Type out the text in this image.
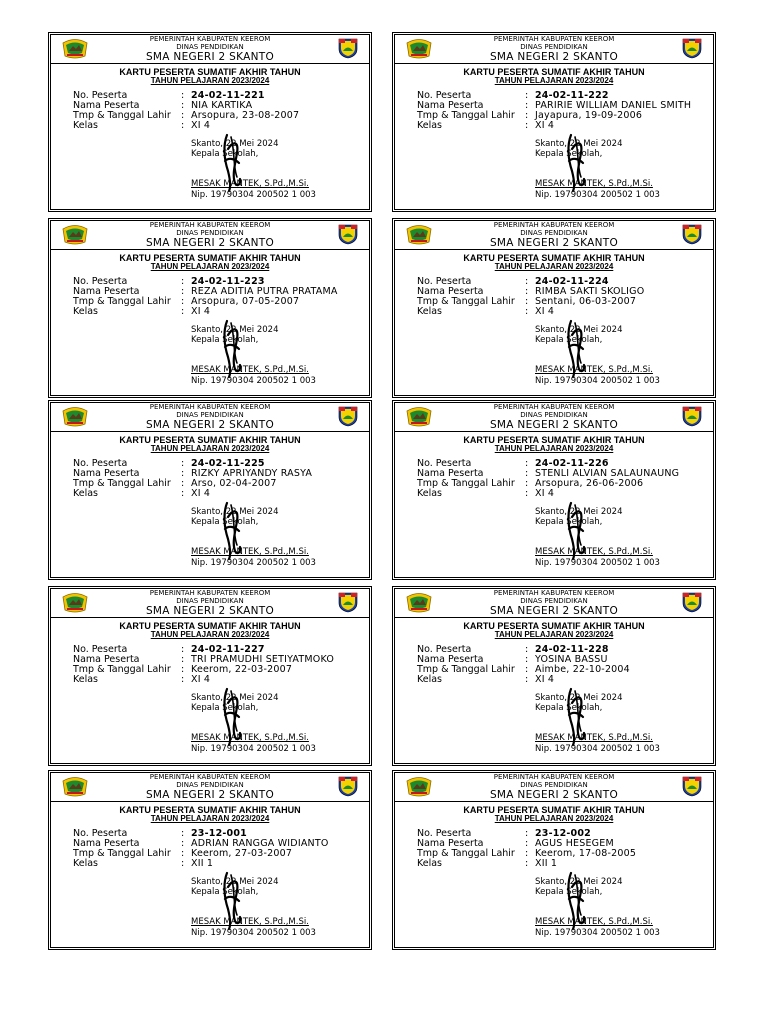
PEMERINTAH KABUPATEN KEEROM
DINAS PENDIDIKAN
SMA NEGERI 2 SKANTO
KARTU PESERTA SUMATIF AKHIR TAHUN
TAHUN PELAJARAN 2023/2024
No. Peserta	: 24-02-11-221
Nama Peserta	: NIA KARTIKA
Tmp & Tanggal Lahir	: Arsopura, 23-08-2007
Kelas	: XI 4
Skanto, 22 Mei 2024
Kepala Sekolah,
MESAK MANTEK, S.Pd.,M.Si.
Nip. 19790304 200502 1 003
PEMERINTAH KABUPATEN KEEROM
DINAS PENDIDIKAN
SMA NEGERI 2 SKANTO
KARTU PESERTA SUMATIF AKHIR TAHUN
TAHUN PELAJARAN 2023/2024
No. Peserta	: 24-02-11-222
Nama Peserta	: PARIRIE WILLIAM DANIEL SMITH
Tmp & Tanggal Lahir	: Jayapura, 19-09-2006
Kelas	: XI 4
Skanto, 22 Mei 2024
Kepala Sekolah,
MESAK MANTEK, S.Pd.,M.Si.
Nip. 19790304 200502 1 003
PEMERINTAH KABUPATEN KEEROM
DINAS PENDIDIKAN
SMA NEGERI 2 SKANTO
KARTU PESERTA SUMATIF AKHIR TAHUN
TAHUN PELAJARAN 2023/2024
No. Peserta	: 24-02-11-223
Nama Peserta	: REZA ADITIA PUTRA PRATAMA
Tmp & Tanggal Lahir	: Arsopura, 07-05-2007
Kelas	: XI 4
Skanto, 22 Mei 2024
Kepala Sekolah,
MESAK MANTEK, S.Pd.,M.Si.
Nip. 19790304 200502 1 003
PEMERINTAH KABUPATEN KEEROM
DINAS PENDIDIKAN
SMA NEGERI 2 SKANTO
KARTU PESERTA SUMATIF AKHIR TAHUN
TAHUN PELAJARAN 2023/2024
No. Peserta	: 24-02-11-224
Nama Peserta	: RIMBA SAKTI SKOLIGO
Tmp & Tanggal Lahir	: Sentani, 06-03-2007
Kelas	: XI 4
Skanto, 22 Mei 2024
Kepala Sekolah,
MESAK MANTEK, S.Pd.,M.Si.
Nip. 19790304 200502 1 003
PEMERINTAH KABUPATEN KEEROM
DINAS PENDIDIKAN
SMA NEGERI 2 SKANTO
KARTU PESERTA SUMATIF AKHIR TAHUN
TAHUN PELAJARAN 2023/2024
No. Peserta	: 24-02-11-225
Nama Peserta	: RIZKY APRIYANDY RASYA
Tmp & Tanggal Lahir	: Arso, 02-04-2007
Kelas	: XI 4
Skanto, 22 Mei 2024
Kepala Sekolah,
MESAK MANTEK, S.Pd.,M.Si.
Nip. 19790304 200502 1 003
PEMERINTAH KABUPATEN KEEROM
DINAS PENDIDIKAN
SMA NEGERI 2 SKANTO
KARTU PESERTA SUMATIF AKHIR TAHUN
TAHUN PELAJARAN 2023/2024
No. Peserta	: 24-02-11-226
Nama Peserta	: STENLI ALVIAN SALAUNAUNG
Tmp & Tanggal Lahir	: Arsopura, 26-06-2006
Kelas	: XI 4
Skanto, 22 Mei 2024
Kepala Sekolah,
MESAK MANTEK, S.Pd.,M.Si.
Nip. 19790304 200502 1 003
PEMERINTAH KABUPATEN KEEROM
DINAS PENDIDIKAN
SMA NEGERI 2 SKANTO
KARTU PESERTA SUMATIF AKHIR TAHUN
TAHUN PELAJARAN 2023/2024
No. Peserta	: 24-02-11-227
Nama Peserta	: TRI PRAMUDHI SETIYATMOKO
Tmp & Tanggal Lahir	: Keerom, 22-03-2007
Kelas	: XI 4
Skanto, 22 Mei 2024
Kepala Sekolah,
MESAK MANTEK, S.Pd.,M.Si.
Nip. 19790304 200502 1 003
PEMERINTAH KABUPATEN KEEROM
DINAS PENDIDIKAN
SMA NEGERI 2 SKANTO
KARTU PESERTA SUMATIF AKHIR TAHUN
TAHUN PELAJARAN 2023/2024
No. Peserta	: 24-02-11-228
Nama Peserta	: YOSINA BASSU
Tmp & Tanggal Lahir	: Aimbe, 22-10-2004
Kelas	: XI 4
Skanto, 22 Mei 2024
Kepala Sekolah,
MESAK MANTEK, S.Pd.,M.Si.
Nip. 19790304 200502 1 003
PEMERINTAH KABUPATEN KEEROM
DINAS PENDIDIKAN
SMA NEGERI 2 SKANTO
KARTU PESERTA SUMATIF AKHIR TAHUN
TAHUN PELAJARAN 2023/2024
No. Peserta	: 23-12-001
Nama Peserta	: ADRIAN RANGGA WIDIANTO
Tmp & Tanggal Lahir	: Keerom, 27-03-2007
Kelas	: XII 1
Skanto, 22 Mei 2024
Kepala Sekolah,
MESAK MANTEK, S.Pd.,M.Si.
Nip. 19790304 200502 1 003
PEMERINTAH KABUPATEN KEEROM
DINAS PENDIDIKAN
SMA NEGERI 2 SKANTO
KARTU PESERTA SUMATIF AKHIR TAHUN
TAHUN PELAJARAN 2023/2024
No. Peserta	: 23-12-002
Nama Peserta	: AGUS HESEGEM
Tmp & Tanggal Lahir	: Keerom, 17-08-2005
Kelas	: XII 1
Skanto, 22 Mei 2024
Kepala Sekolah,
MESAK MANTEK, S.Pd.,M.Si.
Nip. 19790304 200502 1 003
